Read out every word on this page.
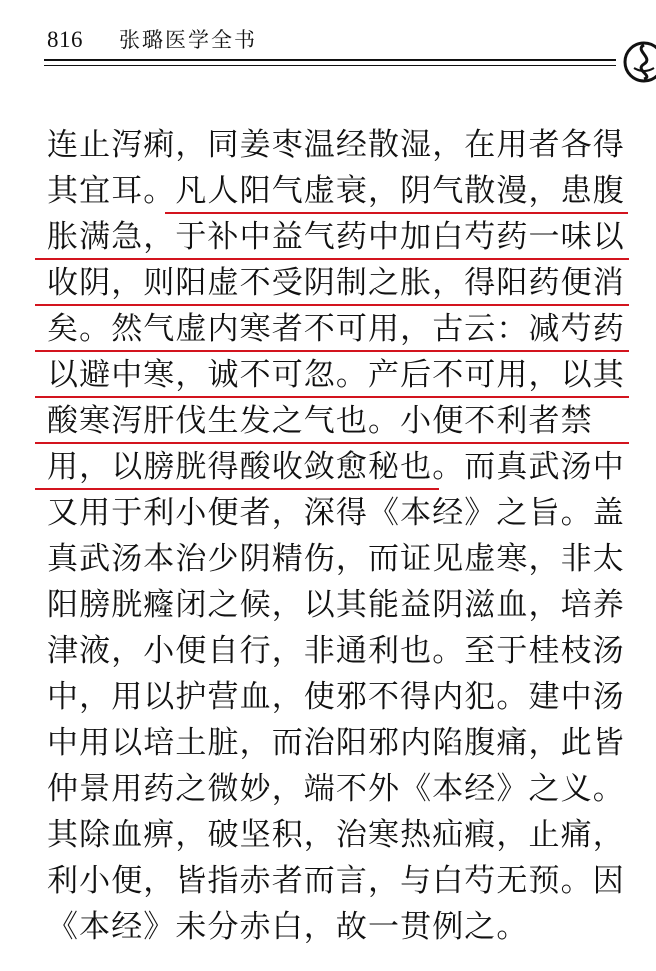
816 张璐医学全书
连止泻痢，同姜枣温经散湿，在用者各得
其宜耳。凡人阳气虚衰，阴气散漫，患腹
胀满急，于补中益气药中加白芍药一味以
收阴，则阳虚不受阴制之胀，得阳药便消
矣。然气虚内寒者不可用，古云：减芍药
以避中寒，诚不可忽。产后不可用，以其
酸寒泻肝伐生发之气也。小便不利者禁
用，以膀胱得酸收敛愈秘也。而真武汤中
又用于利小便者，深得《本经》之旨。盖
真武汤本治少阴精伤，而证见虚寒，非太
阳膀胱癃闭之候，以其能益阴滋血，培养
津液，小便自行，非通利也。至于桂枝汤
中，用以护营血，使邪不得内犯。建中汤
中用以培土脏，而治阳邪内陷腹痛，此皆
仲景用药之微妙，端不外《本经》之义。
其除血痹，破坚积，治寒热疝瘕，止痛，
利小便，皆指赤者而言，与白芍无预。因
《本经》未分赤白，故一贯例之。
